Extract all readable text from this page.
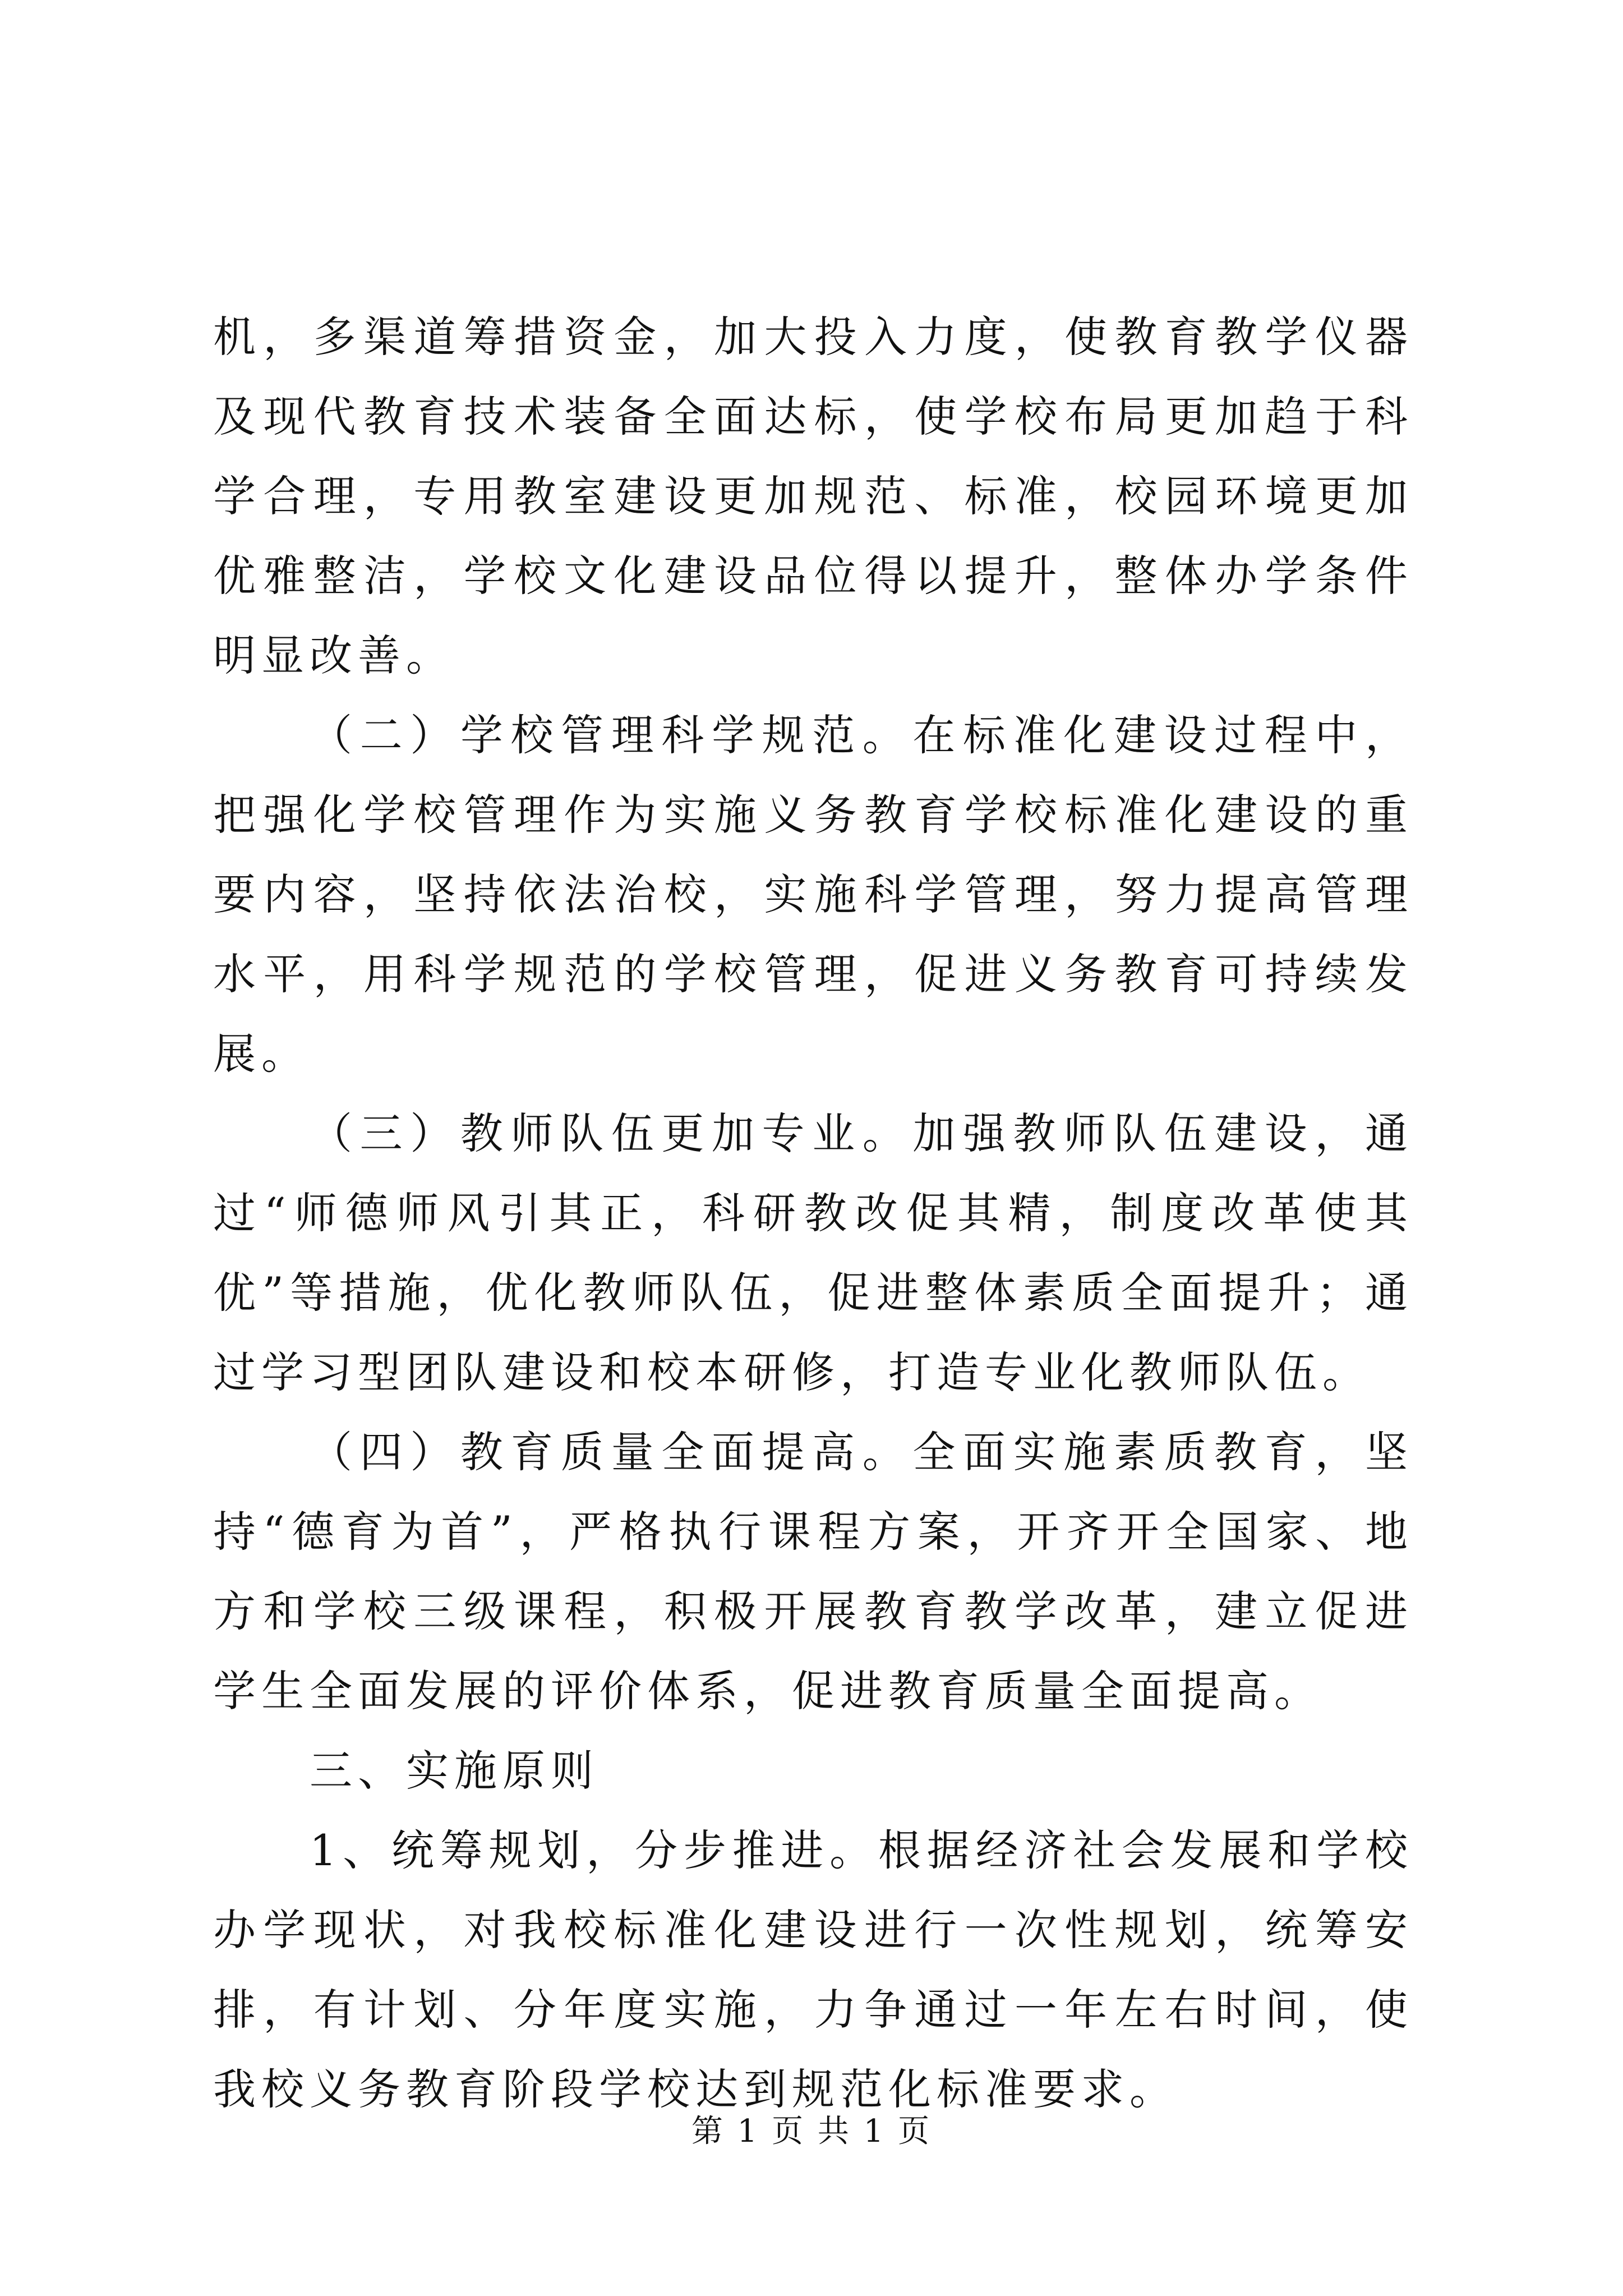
机，多渠道筹措资金，加大投入力度，使教育教学仪器及现代教育技术装备全面达标，使学校布局更加趋于科学合理，专用教室建设更加规范、标准，校园环境更加优雅整洁，学校文化建设品位得以提升，整体办学条件明显改善。

（二）学校管理科学规范。在标准化建设过程中，把强化学校管理作为实施义务教育学校标准化建设的重要内容，坚持依法治校，实施科学管理，努力提高管理水平，用科学规范的学校管理，促进义务教育可持续发展。

（三）教师队伍更加专业。加强教师队伍建设，通过“师德师风引其正，科研教改促其精，制度改革使其优”等措施，优化教师队伍，促进整体素质全面提升；通过学习型团队建设和校本研修，打造专业化教师队伍。

（四）教育质量全面提高。全面实施素质教育，坚持“德育为首”，严格执行课程方案，开齐开全国家、地方和学校三级课程，积极开展教育教学改革，建立促进学生全面发展的评价体系，促进教育质量全面提高。

三、实施原则

1、统筹规划，分步推进。根据经济社会发展和学校办学现状，对我校标准化建设进行一次性规划，统筹安排，有计划、分年度实施，力争通过一年左右时间，使我校义务教育阶段学校达到规范化标准要求。

第 1 页 共 1 页
